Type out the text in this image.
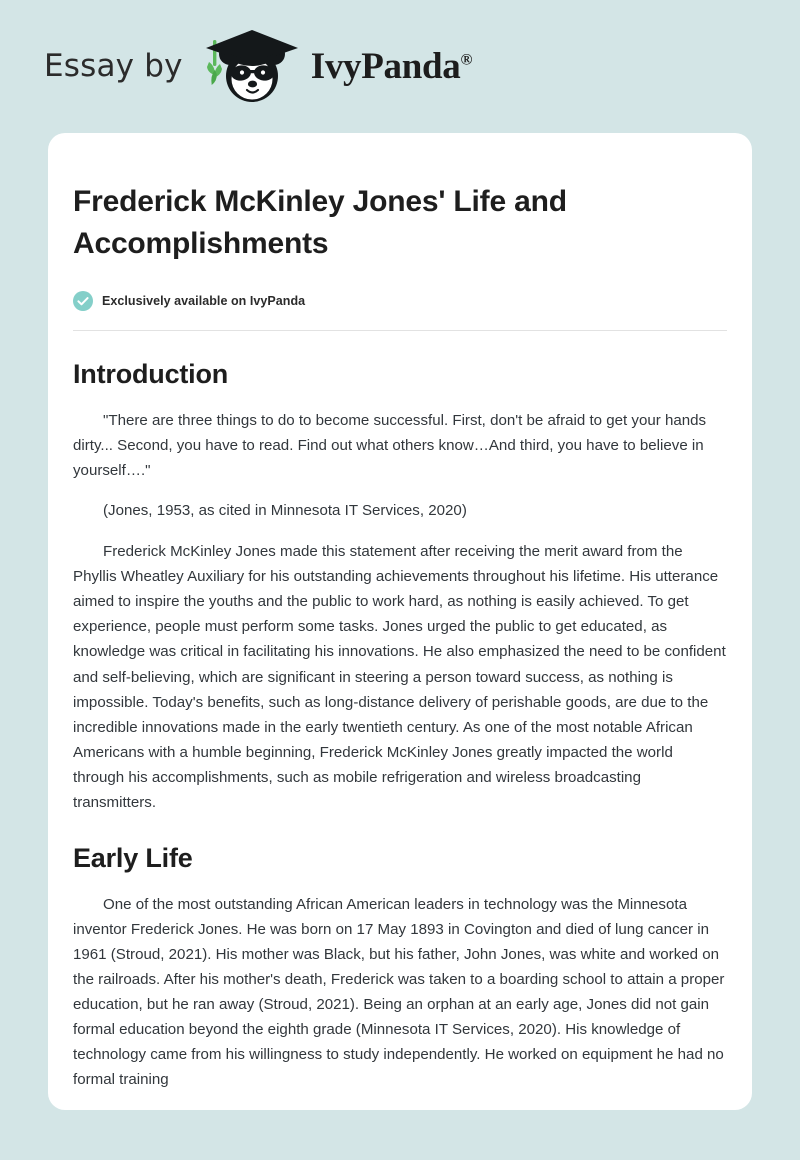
Essay by	IvyPanda®
Frederick McKinley Jones' Life and Accomplishments
Exclusively available on IvyPanda
Introduction

"There are three things to do to become successful. First, don't be afraid to get your hands dirty... Second, you have to read. Find out what others know…And third, you have to believe in yourself…."

(Jones, 1953, as cited in Minnesota IT Services, 2020)

Frederick McKinley Jones made this statement after receiving the merit award from the Phyllis Wheatley Auxiliary for his outstanding achievements throughout his lifetime. His utterance aimed to inspire the youths and the public to work hard, as nothing is easily achieved. To get experience, people must perform some tasks. Jones urged the public to get educated, as knowledge was critical in facilitating his innovations. He also emphasized the need to be confident and self-believing, which are significant in steering a person toward success, as nothing is impossible. Today's benefits, such as long-distance delivery of perishable goods, are due to the incredible innovations made in the early twentieth century. As one of the most notable African Americans with a humble beginning, Frederick McKinley Jones greatly impacted the world through his accomplishments, such as mobile refrigeration and wireless broadcasting transmitters.

Early Life

One of the most outstanding African American leaders in technology was the Minnesota inventor Frederick Jones. He was born on 17 May 1893 in Covington and died of lung cancer in 1961 (Stroud, 2021). His mother was Black, but his father, John Jones, was white and worked on the railroads. After his mother's death, Frederick was taken to a boarding school to attain a proper education, but he ran away (Stroud, 2021). Being an orphan at an early age, Jones did not gain formal education beyond the eighth grade (Minnesota IT Services, 2020). His knowledge of technology came from his willingness to study independently. He worked on equipment he had no formal training
